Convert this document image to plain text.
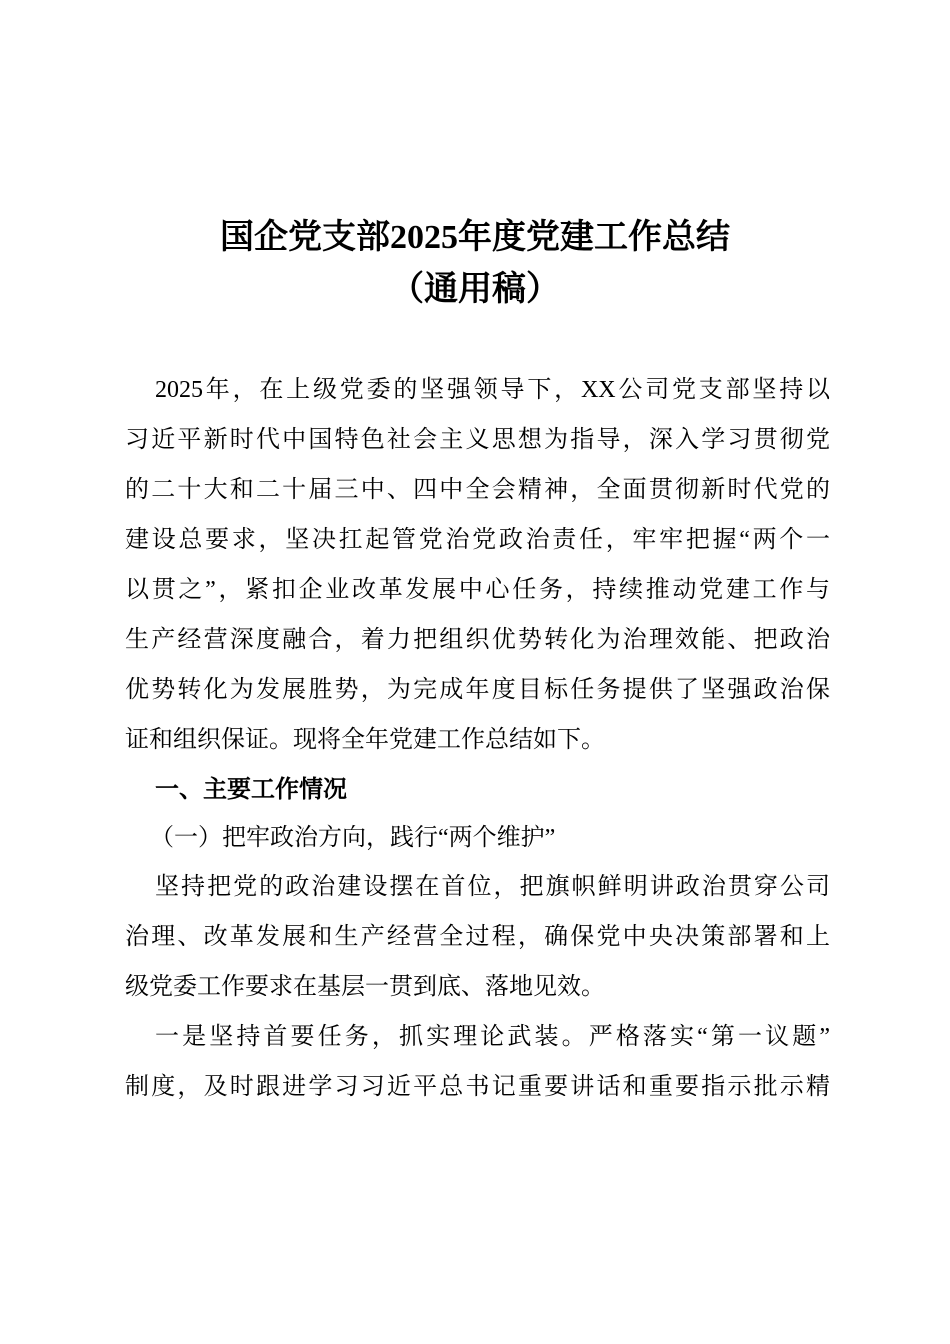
国企党支部2025年度党建工作总结
（通用稿）
2025年，在上级党委的坚强领导下，XX公司党支部坚持以
习近平新时代中国特色社会主义思想为指导，深入学习贯彻党
的二十大和二十届三中、四中全会精神，全面贯彻新时代党的
建设总要求，坚决扛起管党治党政治责任，牢牢把握“两个一
以贯之”，紧扣企业改革发展中心任务，持续推动党建工作与
生产经营深度融合，着力把组织优势转化为治理效能、把政治
优势转化为发展胜势，为完成年度目标任务提供了坚强政治保
证和组织保证。现将全年党建工作总结如下。
一、主要工作情况
（一）把牢政治方向，践行“两个维护”
坚持把党的政治建设摆在首位，把旗帜鲜明讲政治贯穿公司
治理、改革发展和生产经营全过程，确保党中央决策部署和上
级党委工作要求在基层一贯到底、落地见效。
一是坚持首要任务，抓实理论武装。严格落实“第一议题”
制度，及时跟进学习习近平总书记重要讲话和重要指示批示精
